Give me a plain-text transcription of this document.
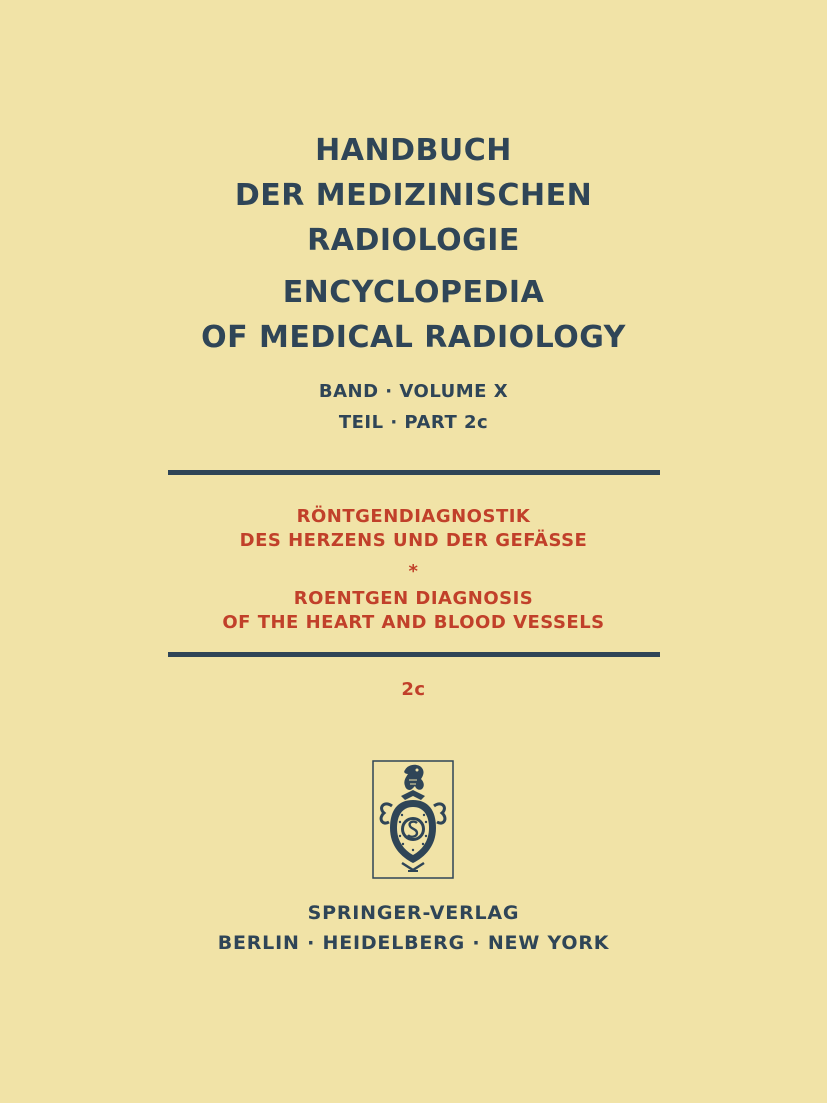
HANDBUCH
DER MEDIZINISCHEN
RADIOLOGIE
ENCYCLOPEDIA
OF MEDICAL RADIOLOGY
BAND · VOLUME X
TEIL · PART 2c
RÖNTGENDIAGNOSTIK
DES HERZENS UND DER GEFÄSSE
*
ROENTGEN DIAGNOSIS
OF THE HEART AND BLOOD VESSELS
2c
SPRINGER-VERLAG
BERLIN · HEIDELBERG · NEW YORK
